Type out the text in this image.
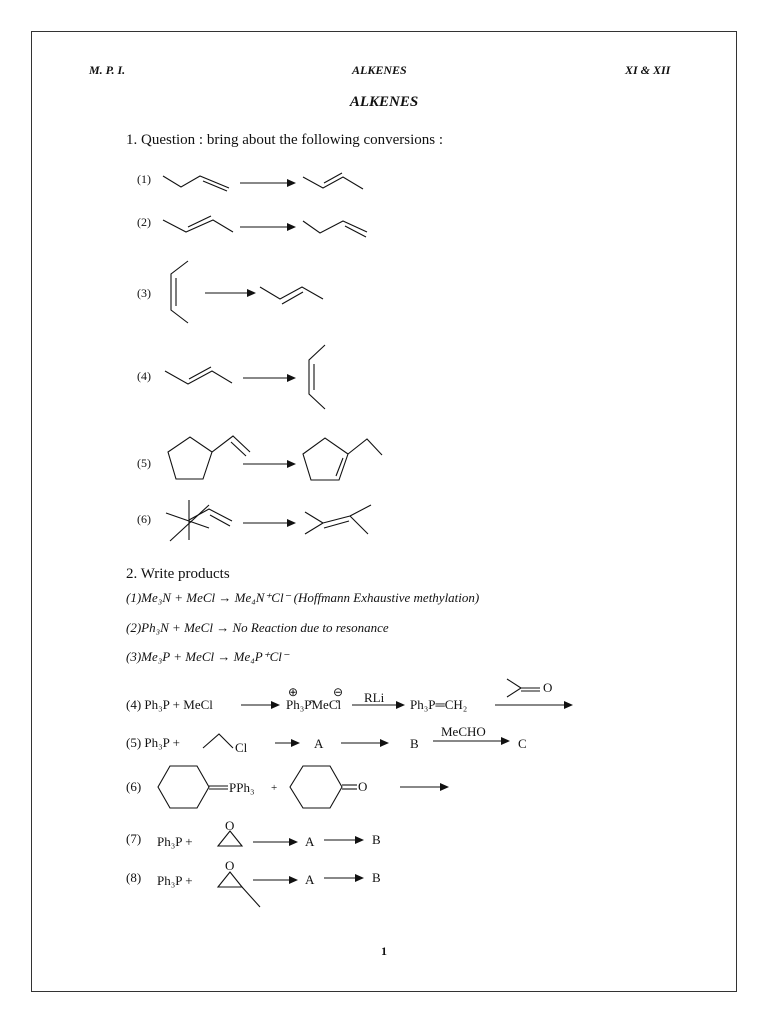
M. P. I.	ALKENES	XI & XII
ALKENES
1. Question : bring about the following conversions :
(1)
(2)
(3)
(4)
(5)
(6)
2. Write products
(1)Me₃N + MeCl → Me₄N⁺Cl⁻ (Hoffmann Exhaustive methylation)
(2)Ph₃N + MeCl → No Reaction due to resonance
(3)Me₃P + MeCl → Me₄P⁺Cl⁻
(4) Ph₃P + MeCl	Ph₃P̊MeC̊l
⊕	⊖ RLi Ph₃P═CH₂
O
(5) Ph₃P +	Cl	A	B
MeCHO
C
(6)	PPh₃ +	O
(7) Ph₃P +
O
A	B
(8) Ph₃P +
O
A	B
1
